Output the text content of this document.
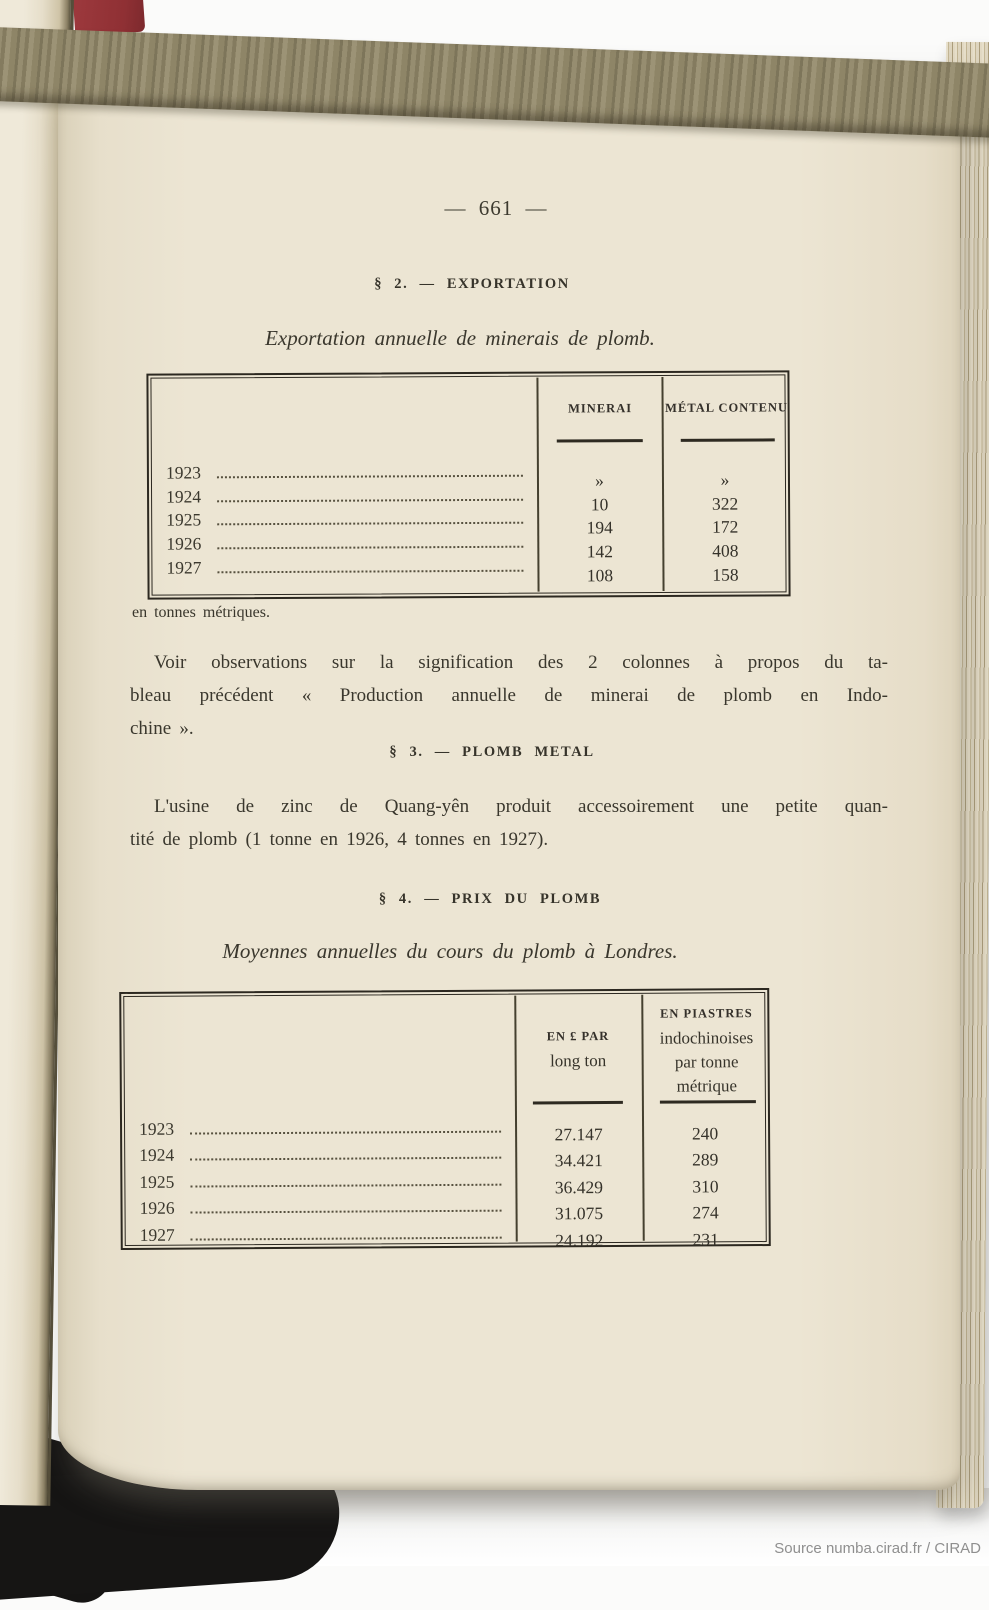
— 661 —
§ 2. — EXPORTATION
Exportation annuelle de minerais de plomb.
MINERAI	MÉTAL CONTENU
1923	»	»
1924	10	322
1925	194	172
1926	142	408
1927	108	158
en tonnes métriques.
Voir observations sur la signification des 2 colonnes à propos du ta-
bleau précédent « Production annuelle de minerai de plomb en Indo-
chine ».
§ 3. — PLOMB METAL
L'usine de zinc de Quang-yên produit accessoirement une petite quan-
tité de plomb (1 tonne en 1926, 4 tonnes en 1927).
§ 4. — PRIX DU PLOMB
Moyennes annuelles du cours du plomb à Londres.
EN £ PAR
long ton
EN PIASTRES
indochinoises
par tonne
métrique
1923	27.147	240
1924	34.421	289
1925	36.429	310
1926	31.075	274
1927	24.192	231
Source numba.cirad.fr / CIRAD
